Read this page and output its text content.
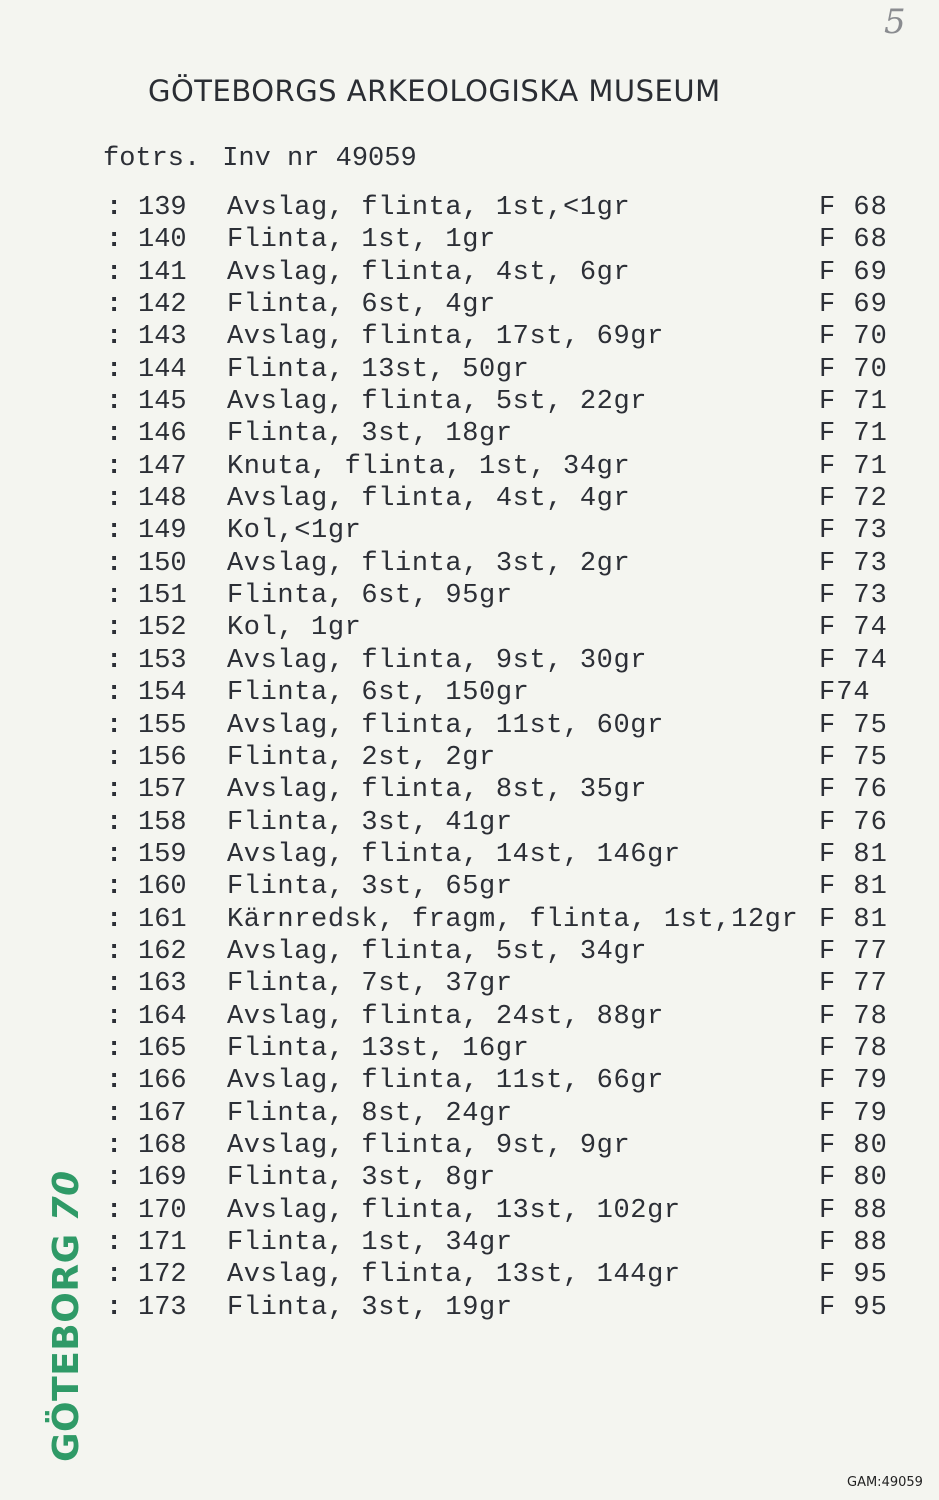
5
GÖTEBORGS ARKEOLOGISKA MUSEUM
fotrs. Inv nr 49059
: 139 Avslag, flinta, 1st,<1gr	F 68
: 140 Flinta, 1st, 1gr	F 68
: 141 Avslag, flinta, 4st, 6gr	F 69
: 142 Flinta, 6st, 4gr	F 69
: 143 Avslag, flinta, 17st, 69gr	F 70
: 144 Flinta, 13st, 50gr	F 70
: 145 Avslag, flinta, 5st, 22gr	F 71
: 146 Flinta, 3st, 18gr	F 71
: 147 Knuta, flinta, 1st, 34gr	F 71
: 148 Avslag, flinta, 4st, 4gr	F 72
: 149 Kol,<1gr	F 73
: 150 Avslag, flinta, 3st, 2gr	F 73
: 151 Flinta, 6st, 95gr	F 73
: 152 Kol, 1gr	F 74
: 153 Avslag, flinta, 9st, 30gr	F 74
: 154 Flinta, 6st, 150gr	F74
: 155 Avslag, flinta, 11st, 60gr	F 75
: 156 Flinta, 2st, 2gr	F 75
: 157 Avslag, flinta, 8st, 35gr	F 76
: 158 Flinta, 3st, 41gr	F 76
: 159 Avslag, flinta, 14st, 146gr	F 81
: 160 Flinta, 3st, 65gr	F 81
: 161 Kärnredsk, fragm, flinta, 1st,12gr F 81
: 162 Avslag, flinta, 5st, 34gr	F 77
: 163 Flinta, 7st, 37gr	F 77
: 164 Avslag, flinta, 24st, 88gr	F 78
: 165 Flinta, 13st, 16gr	F 78
: 166 Avslag, flinta, 11st, 66gr	F 79
: 167 Flinta, 8st, 24gr	F 79
: 168 Avslag, flinta, 9st, 9gr	F 80
: 169 Flinta, 3st, 8gr	F 80
: 170 Avslag, flinta, 13st, 102gr	F 88
: 171 Flinta, 1st, 34gr	F 88
: 172 Avslag, flinta, 13st, 144gr	F 95
: 173 Flinta, 3st, 19gr	F 95
GÖTEBORG70
GAM:49059
